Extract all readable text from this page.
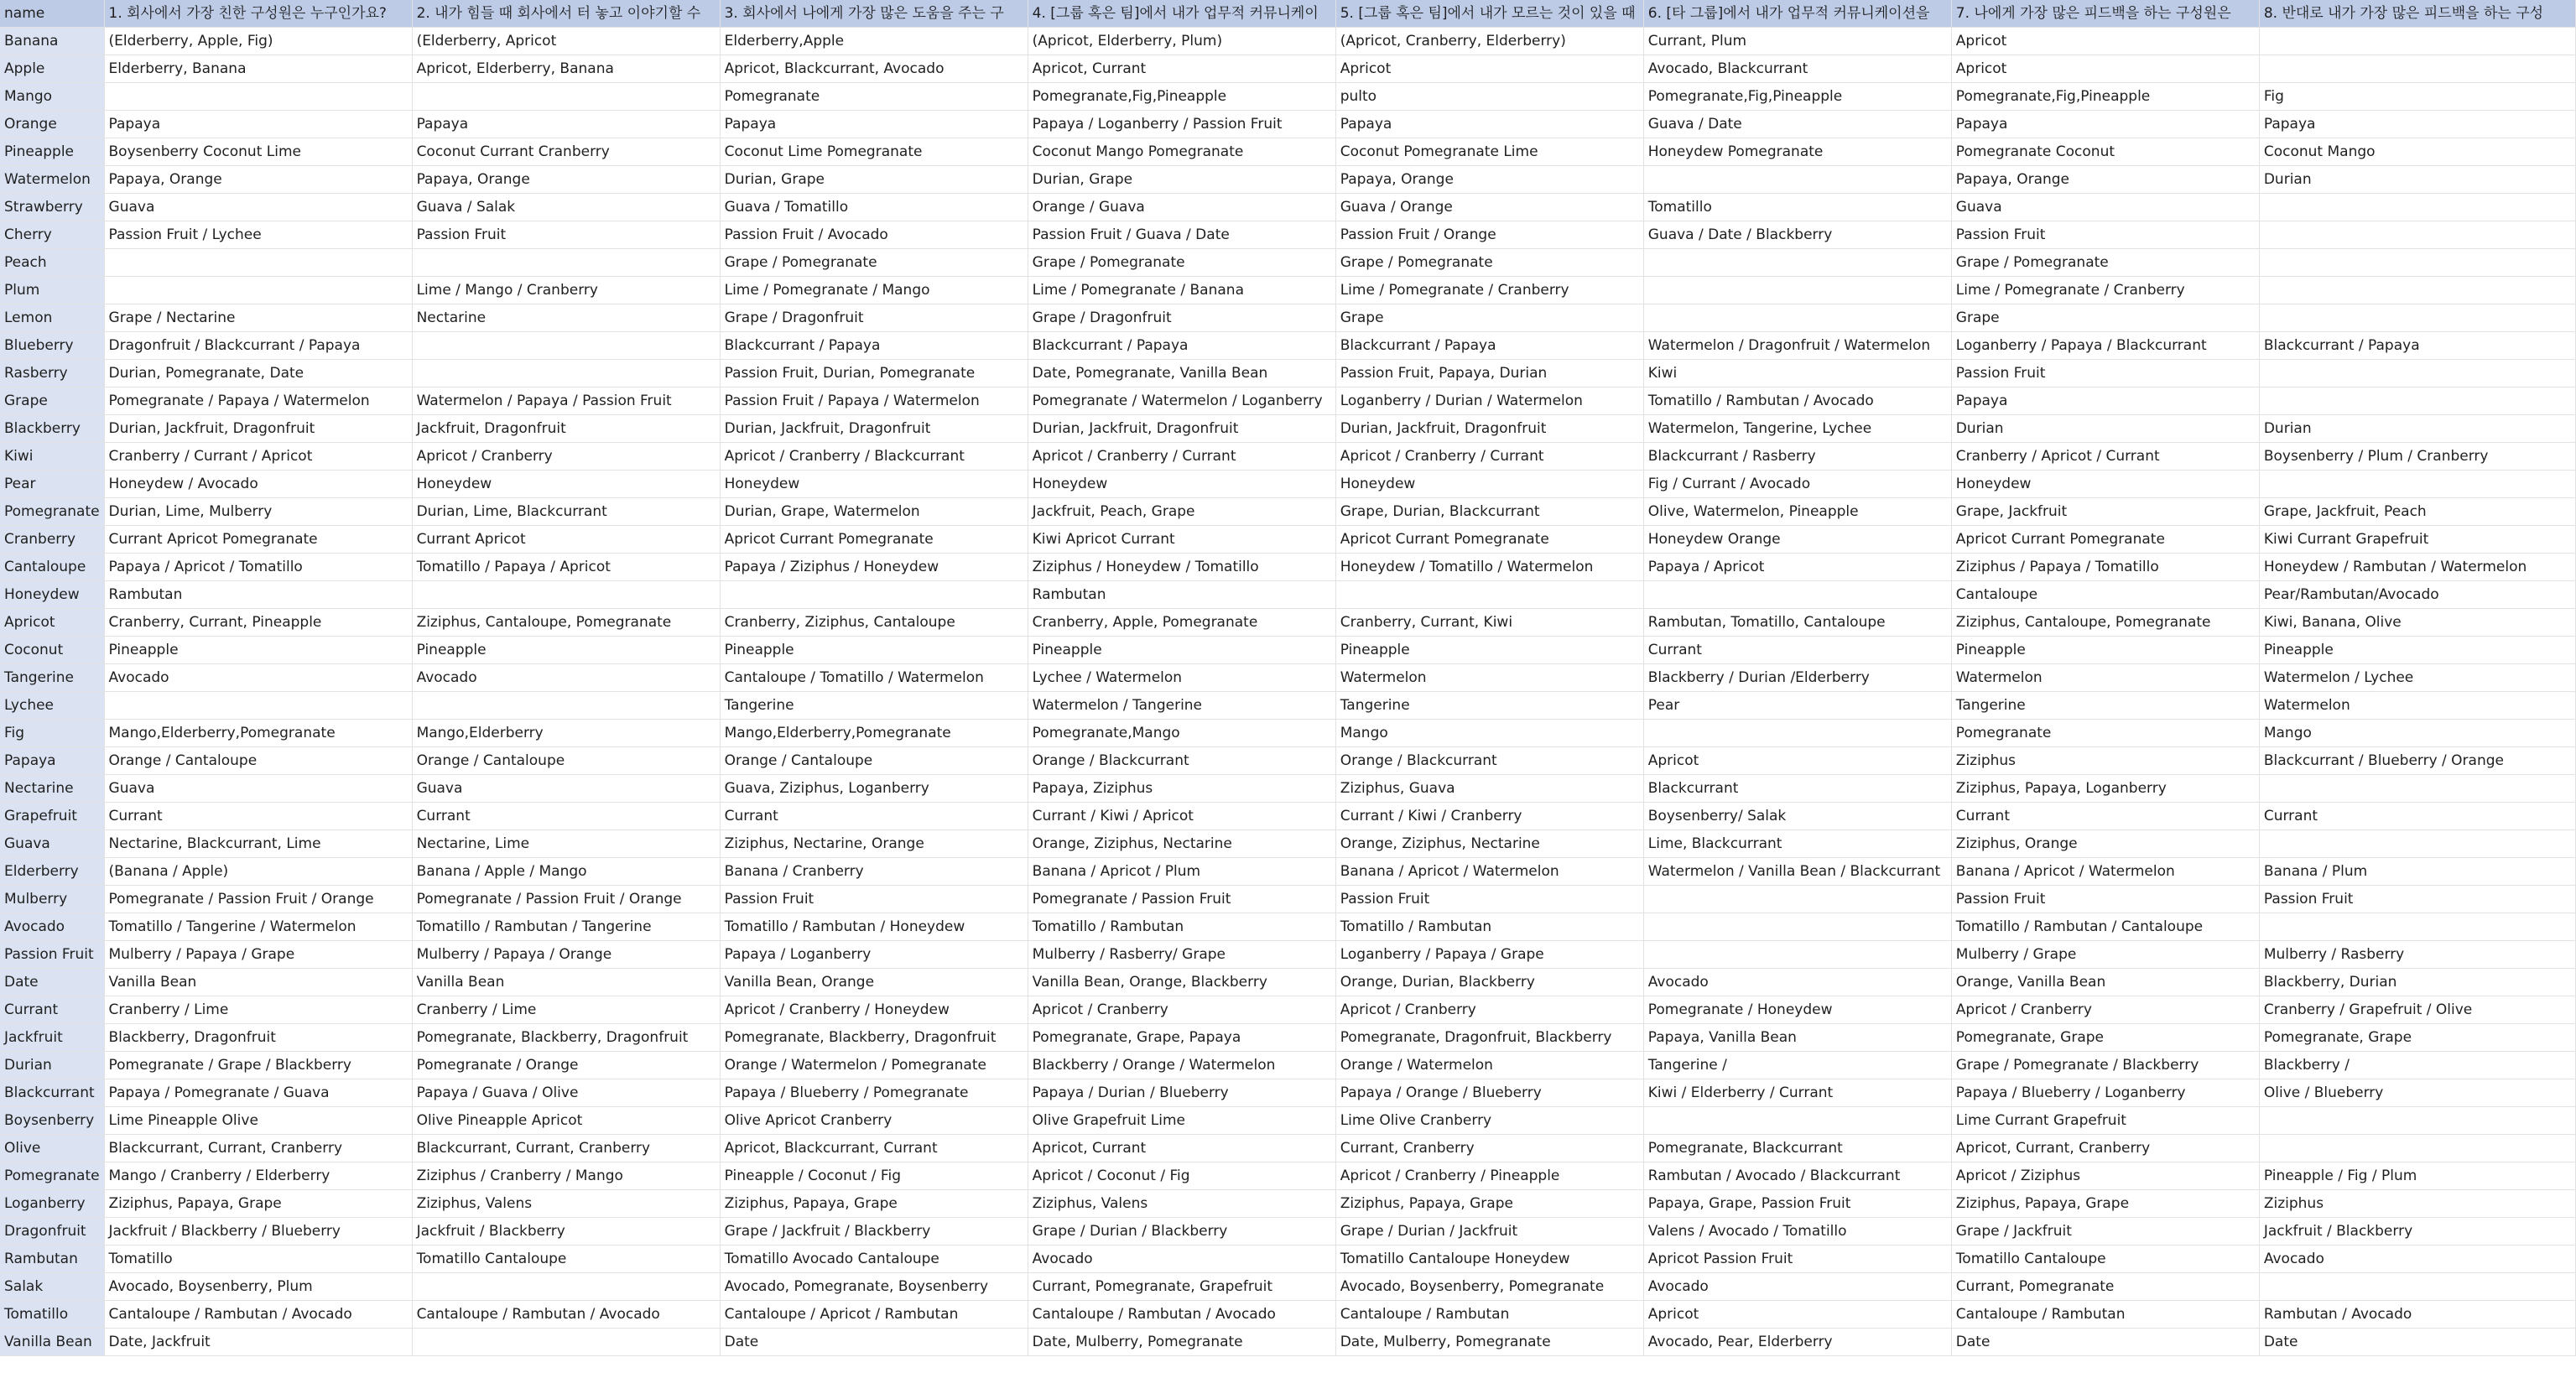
name	1. 회사에서 가장 친한 구성원은 누구인가요?	2. 내가 힘들 때 회사에서 터 놓고 이야기할 수	3. 회사에서 나에게 가장 많은 도움을 주는 구	4. [그룹 혹은 팀]에서 내가 업무적 커뮤니케이	5. [그룹 혹은 팀]에서 내가 모르는 것이 있을 때	6. [타 그룹]에서 내가 업무적 커뮤니케이션을	7. 나에게 가장 많은 피드백을 하는 구성원은	8. 반대로 내가 가장 많은 피드백을 하는 구성
Banana	(Elderberry, Apple, Fig)	(Elderberry, Apricot	Elderberry,Apple	(Apricot, Elderberry, Plum)	(Apricot, Cranberry, Elderberry)	Currant, Plum	Apricot	
Apple	Elderberry, Banana	Apricot, Elderberry, Banana	Apricot, Blackcurrant, Avocado	Apricot, Currant	Apricot	Avocado, Blackcurrant	Apricot	
Mango			Pomegranate	Pomegranate,Fig,Pineapple	pulto	Pomegranate,Fig,Pineapple	Pomegranate,Fig,Pineapple	Fig
Orange	Papaya	Papaya	Papaya	Papaya / Loganberry / Passion Fruit	Papaya	Guava / Date	Papaya	Papaya
Pineapple	Boysenberry Coconut Lime	Coconut Currant Cranberry	Coconut Lime Pomegranate	Coconut Mango Pomegranate	Coconut Pomegranate Lime	Honeydew Pomegranate	Pomegranate Coconut	Coconut Mango
Watermelon	Papaya, Orange	Papaya, Orange	Durian, Grape	Durian, Grape	Papaya, Orange		Papaya, Orange	Durian
Strawberry	Guava	Guava / Salak	Guava / Tomatillo	Orange / Guava	Guava / Orange	Tomatillo	Guava	
Cherry	Passion Fruit / Lychee	Passion Fruit	Passion Fruit / Avocado	Passion Fruit / Guava / Date	Passion Fruit / Orange	Guava / Date / Blackberry	Passion Fruit	
Peach			Grape / Pomegranate	Grape / Pomegranate	Grape / Pomegranate		Grape / Pomegranate	
Plum		Lime / Mango / Cranberry	Lime / Pomegranate / Mango	Lime / Pomegranate / Banana	Lime / Pomegranate / Cranberry		Lime / Pomegranate / Cranberry	
Lemon	Grape / Nectarine	Nectarine	Grape / Dragonfruit	Grape / Dragonfruit	Grape		Grape	
Blueberry	Dragonfruit / Blackcurrant / Papaya		Blackcurrant / Papaya	Blackcurrant / Papaya	Blackcurrant / Papaya	Watermelon / Dragonfruit / Watermelon	Loganberry / Papaya / Blackcurrant	Blackcurrant / Papaya
Rasberry	Durian, Pomegranate, Date		Passion Fruit, Durian, Pomegranate	Date, Pomegranate, Vanilla Bean	Passion Fruit, Papaya, Durian	Kiwi	Passion Fruit	
Grape	Pomegranate / Papaya / Watermelon	Watermelon / Papaya / Passion Fruit	Passion Fruit / Papaya / Watermelon	Pomegranate / Watermelon / Loganberry	Loganberry / Durian / Watermelon	Tomatillo / Rambutan / Avocado	Papaya	
Blackberry	Durian, Jackfruit, Dragonfruit	Jackfruit, Dragonfruit	Durian, Jackfruit, Dragonfruit	Durian, Jackfruit, Dragonfruit	Durian, Jackfruit, Dragonfruit	Watermelon, Tangerine, Lychee	Durian	Durian
Kiwi	Cranberry / Currant / Apricot	Apricot / Cranberry	Apricot / Cranberry / Blackcurrant	Apricot / Cranberry / Currant	Apricot / Cranberry / Currant	Blackcurrant / Rasberry	Cranberry / Apricot / Currant	Boysenberry / Plum / Cranberry
Pear	Honeydew / Avocado	Honeydew	Honeydew	Honeydew	Honeydew	Fig / Currant / Avocado	Honeydew	
Pomegranate	Durian, Lime, Mulberry	Durian, Lime, Blackcurrant	Durian, Grape, Watermelon	Jackfruit, Peach, Grape	Grape, Durian, Blackcurrant	Olive, Watermelon, Pineapple	Grape, Jackfruit	Grape, Jackfruit, Peach
Cranberry	Currant Apricot Pomegranate	Currant Apricot	Apricot Currant Pomegranate	Kiwi Apricot Currant	Apricot Currant Pomegranate	Honeydew Orange	Apricot Currant Pomegranate	Kiwi Currant Grapefruit
Cantaloupe	Papaya / Apricot / Tomatillo	Tomatillo / Papaya / Apricot	Papaya / Ziziphus / Honeydew	Ziziphus / Honeydew / Tomatillo	Honeydew / Tomatillo / Watermelon	Papaya / Apricot	Ziziphus / Papaya / Tomatillo	Honeydew / Rambutan / Watermelon
Honeydew	Rambutan			Rambutan			Cantaloupe	Pear/Rambutan/Avocado
Apricot	Cranberry, Currant, Pineapple	Ziziphus, Cantaloupe, Pomegranate	Cranberry, Ziziphus, Cantaloupe	Cranberry, Apple, Pomegranate	Cranberry, Currant, Kiwi	Rambutan, Tomatillo, Cantaloupe	Ziziphus, Cantaloupe, Pomegranate	Kiwi, Banana, Olive
Coconut	Pineapple	Pineapple	Pineapple	Pineapple	Pineapple	Currant	Pineapple	Pineapple
Tangerine	Avocado	Avocado	Cantaloupe / Tomatillo / Watermelon	Lychee / Watermelon	Watermelon	Blackberry / Durian /Elderberry	Watermelon	Watermelon / Lychee
Lychee			Tangerine	Watermelon / Tangerine	Tangerine	Pear	Tangerine	Watermelon
Fig	Mango,Elderberry,Pomegranate	Mango,Elderberry	Mango,Elderberry,Pomegranate	Pomegranate,Mango	Mango		Pomegranate	Mango
Papaya	Orange / Cantaloupe	Orange / Cantaloupe	Orange / Cantaloupe	Orange / Blackcurrant	Orange / Blackcurrant	Apricot	Ziziphus	Blackcurrant / Blueberry / Orange
Nectarine	Guava	Guava	Guava, Ziziphus, Loganberry	Papaya, Ziziphus	Ziziphus, Guava	Blackcurrant	Ziziphus, Papaya, Loganberry	
Grapefruit	Currant	Currant	Currant	Currant / Kiwi / Apricot	Currant / Kiwi / Cranberry	Boysenberry/ Salak	Currant	Currant
Guava	Nectarine, Blackcurrant, Lime	Nectarine, Lime	Ziziphus, Nectarine, Orange	Orange, Ziziphus, Nectarine	Orange, Ziziphus, Nectarine	Lime, Blackcurrant	Ziziphus, Orange	
Elderberry	(Banana / Apple)	Banana / Apple / Mango	Banana / Cranberry	Banana / Apricot / Plum	Banana / Apricot / Watermelon	Watermelon / Vanilla Bean / Blackcurrant	Banana / Apricot / Watermelon	Banana / Plum
Mulberry	Pomegranate / Passion Fruit / Orange	Pomegranate / Passion Fruit / Orange	Passion Fruit	Pomegranate / Passion Fruit	Passion Fruit		Passion Fruit	Passion Fruit
Avocado	Tomatillo / Tangerine / Watermelon	Tomatillo / Rambutan / Tangerine	Tomatillo / Rambutan / Honeydew	Tomatillo / Rambutan	Tomatillo / Rambutan		Tomatillo / Rambutan / Cantaloupe	
Passion Fruit	Mulberry / Papaya / Grape	Mulberry / Papaya / Orange	Papaya / Loganberry	Mulberry / Rasberry/ Grape	Loganberry / Papaya / Grape		Mulberry / Grape	Mulberry / Rasberry
Date	Vanilla Bean	Vanilla Bean	Vanilla Bean, Orange	Vanilla Bean, Orange, Blackberry	Orange, Durian, Blackberry	Avocado	Orange, Vanilla Bean	Blackberry, Durian
Currant	Cranberry / Lime	Cranberry / Lime	Apricot / Cranberry / Honeydew	Apricot / Cranberry	Apricot / Cranberry	Pomegranate / Honeydew	Apricot / Cranberry	Cranberry / Grapefruit / Olive
Jackfruit	Blackberry, Dragonfruit	Pomegranate, Blackberry, Dragonfruit	Pomegranate, Blackberry, Dragonfruit	Pomegranate, Grape, Papaya	Pomegranate, Dragonfruit, Blackberry	Papaya, Vanilla Bean	Pomegranate, Grape	Pomegranate, Grape
Durian	Pomegranate / Grape / Blackberry	Pomegranate / Orange	Orange / Watermelon / Pomegranate	Blackberry / Orange / Watermelon	Orange / Watermelon	Tangerine /	Grape / Pomegranate / Blackberry	Blackberry /
Blackcurrant	Papaya / Pomegranate / Guava	Papaya / Guava / Olive	Papaya / Blueberry / Pomegranate	Papaya / Durian / Blueberry	Papaya / Orange / Blueberry	Kiwi / Elderberry / Currant	Papaya / Blueberry / Loganberry	Olive / Blueberry
Boysenberry	Lime Pineapple Olive	Olive Pineapple Apricot	Olive Apricot Cranberry	Olive Grapefruit Lime	Lime Olive Cranberry		Lime Currant Grapefruit	
Olive	Blackcurrant, Currant, Cranberry	Blackcurrant, Currant, Cranberry	Apricot, Blackcurrant, Currant	Apricot, Currant	Currant, Cranberry	Pomegranate, Blackcurrant	Apricot, Currant, Cranberry	
Pomegranate	Mango / Cranberry / Elderberry	Ziziphus / Cranberry / Mango	Pineapple / Coconut / Fig	Apricot / Coconut / Fig	Apricot / Cranberry / Pineapple	Rambutan / Avocado / Blackcurrant	Apricot / Ziziphus	Pineapple / Fig / Plum
Loganberry	Ziziphus, Papaya, Grape	Ziziphus, Valens	Ziziphus, Papaya, Grape	Ziziphus, Valens	Ziziphus, Papaya, Grape	Papaya, Grape, Passion Fruit	Ziziphus, Papaya, Grape	Ziziphus
Dragonfruit	Jackfruit / Blackberry / Blueberry	Jackfruit / Blackberry	Grape / Jackfruit / Blackberry	Grape / Durian / Blackberry	Grape / Durian / Jackfruit	Valens / Avocado / Tomatillo	Grape / Jackfruit	Jackfruit / Blackberry
Rambutan	Tomatillo	Tomatillo Cantaloupe	Tomatillo Avocado Cantaloupe	Avocado	Tomatillo Cantaloupe Honeydew	Apricot Passion Fruit	Tomatillo Cantaloupe	Avocado
Salak	Avocado, Boysenberry, Plum		Avocado, Pomegranate, Boysenberry	Currant, Pomegranate, Grapefruit	Avocado, Boysenberry, Pomegranate	Avocado	Currant, Pomegranate	
Tomatillo	Cantaloupe / Rambutan / Avocado	Cantaloupe / Rambutan / Avocado	Cantaloupe / Apricot / Rambutan	Cantaloupe / Rambutan / Avocado	Cantaloupe / Rambutan	Apricot	Cantaloupe / Rambutan	Rambutan / Avocado
Vanilla Bean	Date, Jackfruit		Date	Date, Mulberry, Pomegranate	Date, Mulberry, Pomegranate	Avocado, Pear, Elderberry	Date	Date
